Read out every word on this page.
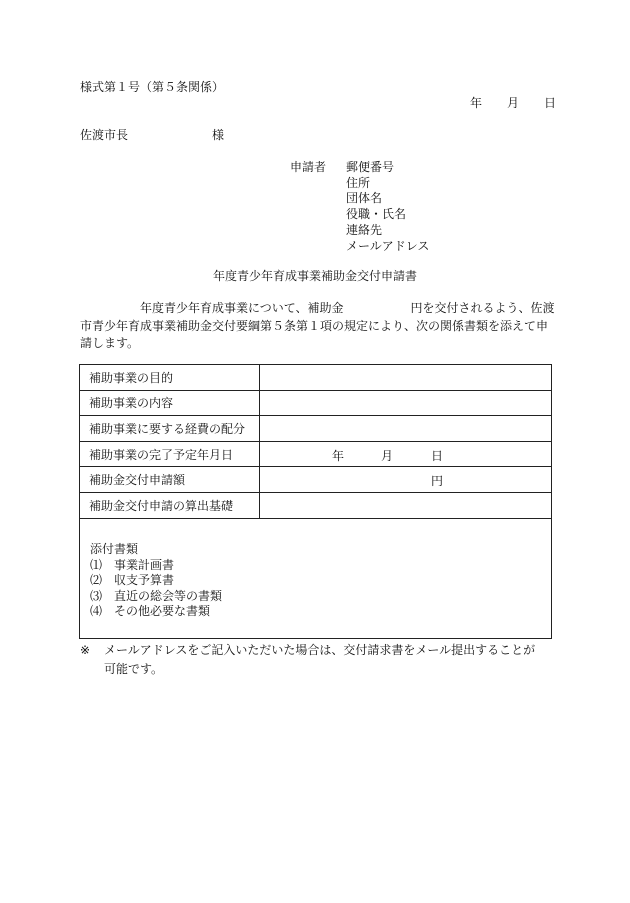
様式第１号（第５条関係）
年 月 日
佐渡市長	様
申請者 郵便番号
住所
団体名
役職・氏名
連絡先
メールアドレス
年度青少年育成事業補助金交付申請書
年度青少年育成事業について、補助金	円を交付されるよう、佐渡
市青少年育成事業補助金交付要綱第５条第１項の規定により、次の関係書類を添えて申
請します。
補助事業の目的	
補助事業の内容	
補助事業に要する経費の配分	
補助事業の完了予定年月日	年 月 日

補助金交付申請額	円

補助金交付申請の算出基礎	
添付書類
⑴ 事業計画書
⑵ 収支予算書
⑶ 直近の総会等の書類
⑷ その他必要な書類
※ メールアドレスをご記入いただいた場合は、交付請求書をメール提出することが
可能です。
